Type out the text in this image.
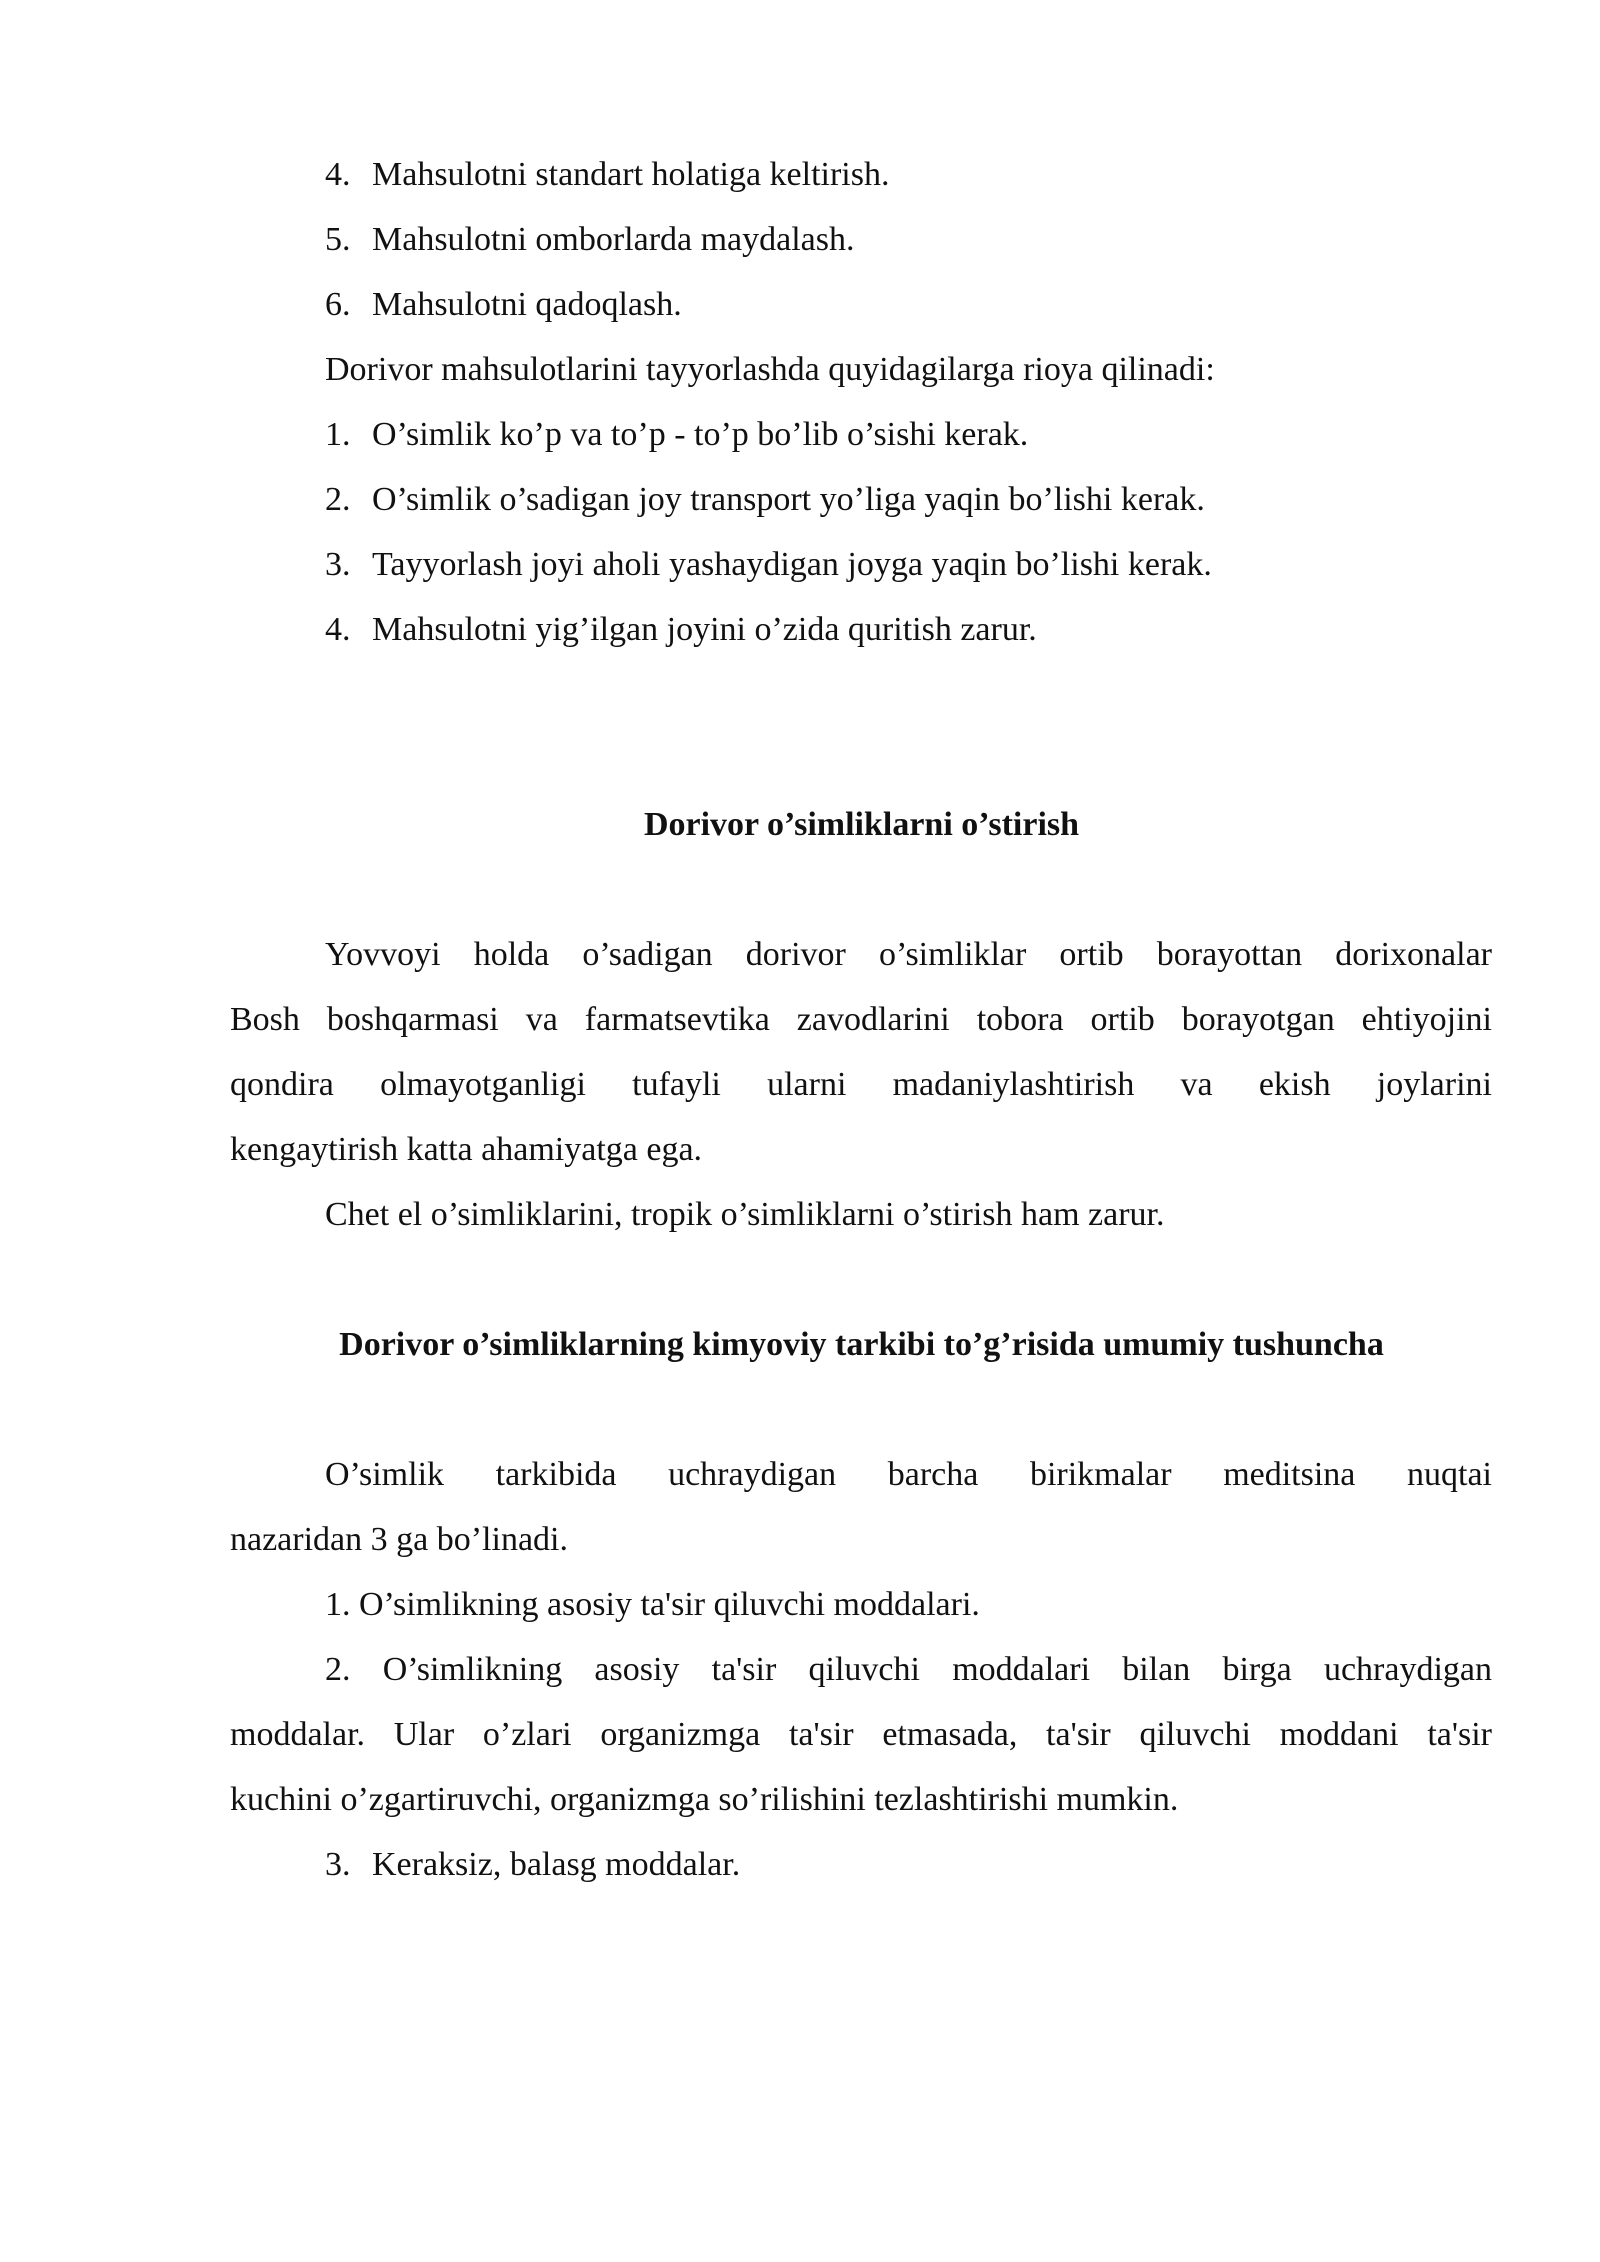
4. Mahsulotni standart holatiga keltirish.
5. Mahsulotni omborlarda maydalash.
6. Mahsulotni qadoqlash.
Dorivor mahsulotlarini tayyorlashda quyidagilarga rioya qilinadi:
1. O’simlik ko’p va to’p - to’p bo’lib o’sishi kerak.
2. O’simlik o’sadigan joy transport yo’liga yaqin bo’lishi kerak.
3. Tayyorlash joyi aholi yashaydigan joyga yaqin bo’lishi kerak.
4. Mahsulotni yig’ilgan joyini o’zida quritish zarur.
Dorivor o’simliklarni o’stirish
Yovvoyi holda o’sadigan dorivor o’simliklar ortib borayottan dorixonalar
Bosh boshqarmasi va farmatsevtika zavodlarini tobora ortib borayotgan ehtiyojini
qondira olmayotganligi tufayli ularni madaniylashtirish va ekish joylarini
kengaytirish katta ahamiyatga ega.
Chet el o’simliklarini, tropik o’simliklarni o’stirish ham zarur.
Dorivor o’simliklarning kimyoviy tarkibi to’g’risida umumiy tushuncha
O’simlik tarkibida uchraydigan barcha birikmalar meditsina nuqtai
nazaridan 3 ga bo’linadi.
1. O’simlikning asosiy ta'sir qiluvchi moddalari.
2. O’simlikning asosiy ta'sir qiluvchi moddalari bilan birga uchraydigan
moddalar. Ular o’zlari organizmga ta'sir etmasada, ta'sir qiluvchi moddani ta'sir
kuchini o’zgartiruvchi, organizmga so’rilishini tezlashtirishi mumkin.
3. Keraksiz, balasg moddalar.
